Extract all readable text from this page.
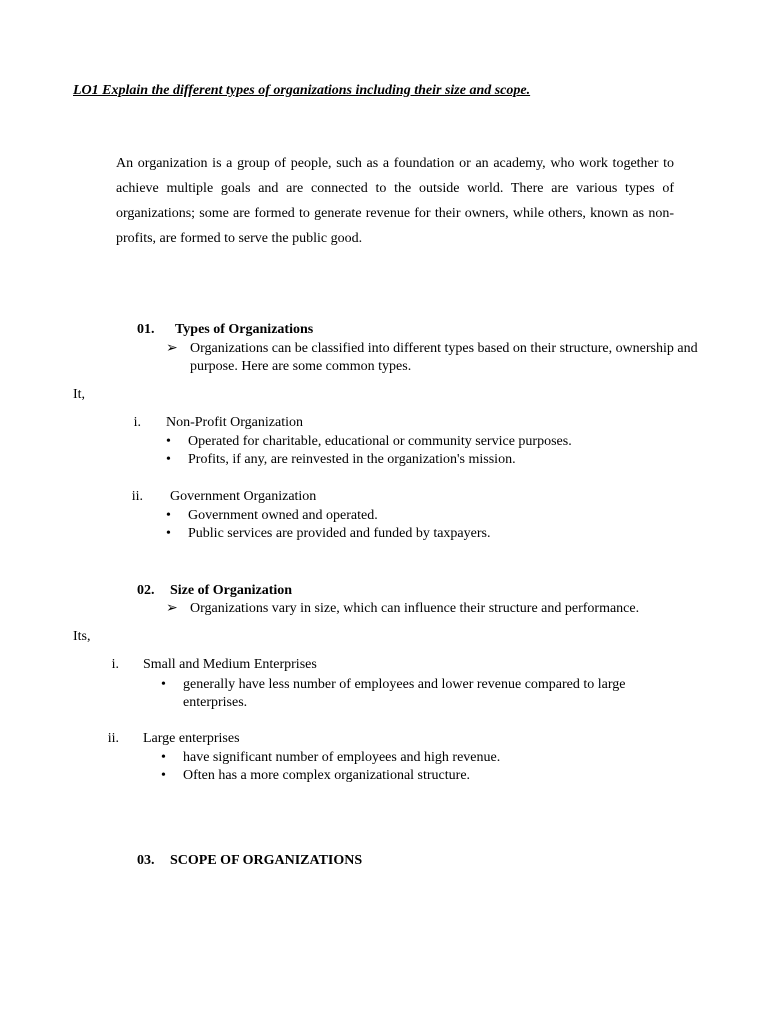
LO1 Explain the different types of organizations including their size and scope.
An organization is a group of people, such as a foundation or an academy, who work together to achieve multiple goals and are connected to the outside world. There are various types of organizations; some are formed to generate revenue for their owners, while others, known as non-profits, are formed to serve the public good.
01. Types of Organizations
➢ Organizations can be classified into different types based on their structure, ownership and purpose. Here are some common types.
It,
i. Non-Profit Organization
•	Operated for charitable, educational or community service purposes.
•	Profits, if any, are reinvested in the organization's mission.
ii. Government Organization
•	Government owned and operated.
•	Public services are provided and funded by taxpayers.
02. Size of Organization
➢ Organizations vary in size, which can influence their structure and performance.
Its,
i. Small and Medium Enterprises
•	generally have less number of employees and lower revenue compared to large enterprises.
ii. Large enterprises
•	have significant number of employees and high revenue.
•	Often has a more complex organizational structure.
03. SCOPE OF ORGANIZATIONS
